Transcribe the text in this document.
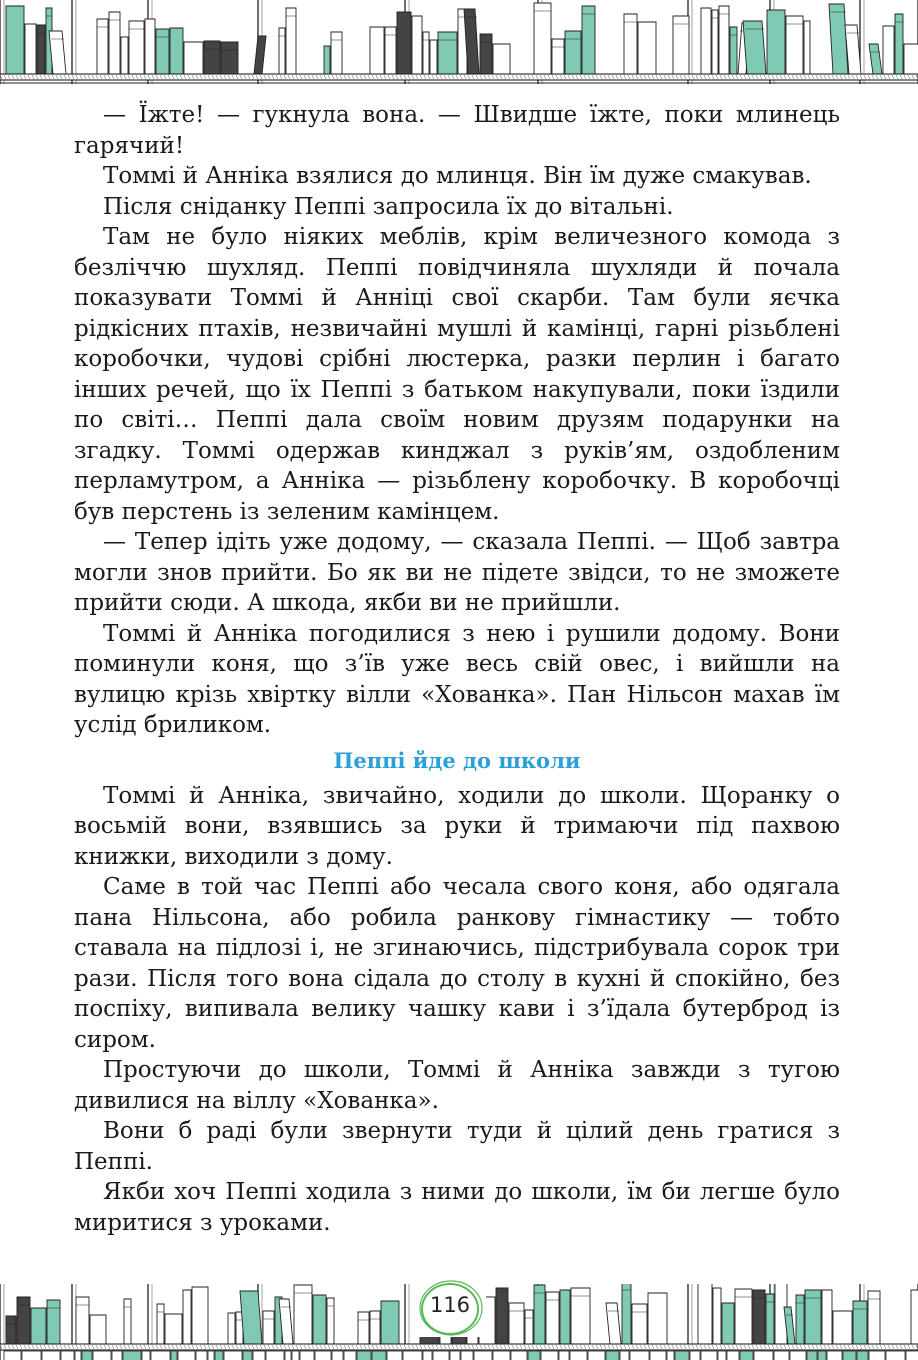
— Їжте! — гукнула вона. — Швидше їжте, поки млинець гарячий!

Томмі й Анніка взялися до млинця. Він їм дуже смакував.

Після сніданку Пеппі запросила їх до вітальні.

Там не було ніяких меблів, крім величезного комода з безліччю шухляд. Пеппі повідчиняла шухляди й почала показувати Томмі й Анніці свої скарби. Там були яєчка рідкісних птахів, незвичайні мушлі й камінці, гарні різьблені коробочки, чудові срібні люстерка, разки перлин і багато інших речей, що їх Пеппі з батьком накупували, поки їздили по світі… Пеппі дала своїм новим друзям подарунки на згадку. Томмі одержав кинджал з руків’ям, оздобленим перламутром, а Анніка — різьблену коробочку. В коробочці був перстень із зеленим камінцем.

— Тепер ідіть уже додому, — сказала Пеппі. — Щоб завтра могли знов прийти. Бо як ви не підете звідси, то не зможете прийти сюди. А шкода, якби ви не прийшли.

Томмі й Анніка погодилися з нею і рушили додому. Вони поминули коня, що з’їв уже весь свій овес, і вийшли на вулицю крізь хвіртку вілли «Хованка». Пан Нільсон махав їм услід бриликом.

Пеппі йде до школи

Томмі й Анніка, звичайно, ходили до школи. Щоранку о восьмій вони, взявшись за руки й тримаючи під пахвою книжки, виходили з дому.

Саме в той час Пеппі або чесала свого коня, або одягала пана Нільсона, або робила ранкову гімнастику — тобто ставала на підлозі і, не згинаючись, підстрибувала сорок три рази. Після того вона сідала до столу в кухні й спокійно, без поспіху, випивала велику чашку кави і з’їдала бутерброд із сиром.

Простуючи до школи, Томмі й Анніка завжди з тугою дивилися на віллу «Хованка».

Вони б раді були звернути туди й цілий день гратися з Пеппі.

Якби хоч Пеппі ходила з ними до школи, їм би легше було миритися з уроками.

116
